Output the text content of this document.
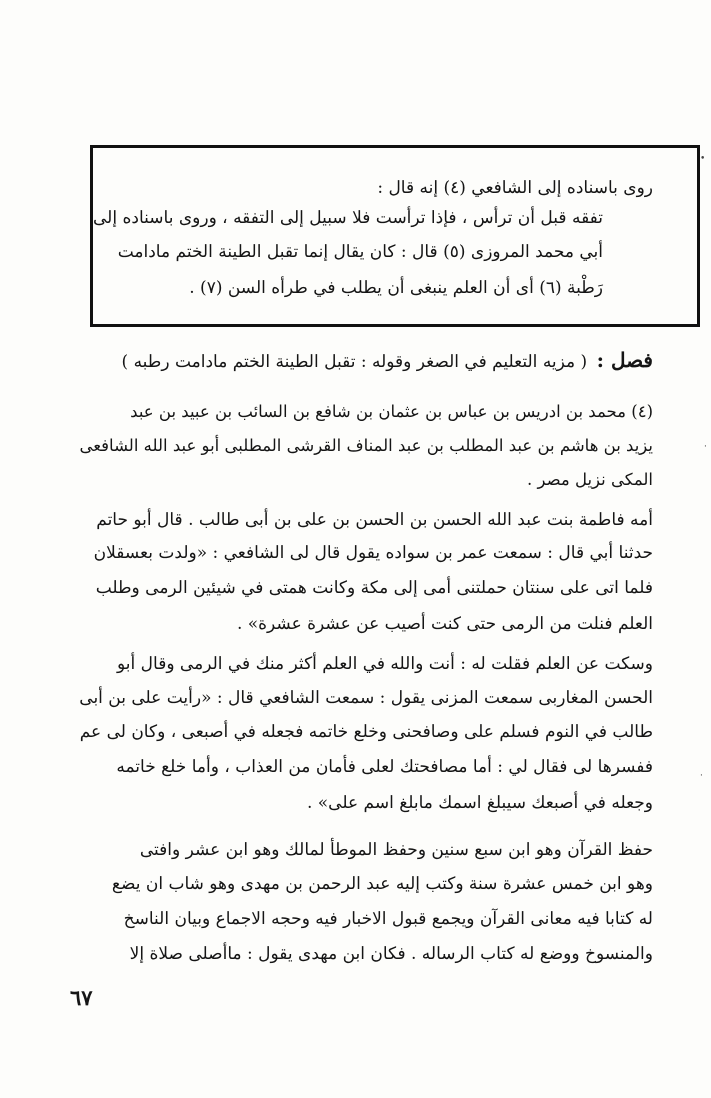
روى باسناده إلى الشافعي (٤) إنه قال :
تفقه قبل أن ترأس ، فإذا ترأست فلا سبيل إلى التفقه ، وروى باسناده إلى
أبي محمد المروزى (٥) قال : كان يقال إنما تقبل الطينة الختم مادامت
رَطْبة (٦) أى أن العلم ينبغى أن يطلب في طرأه السن (٧) .
فصل : ( مزيه التعليم في الصغر وقوله : تقبل الطينة الختم مادامت رطبه )
(٤) محمد بن ادريس بن عباس بن عثمان بن شافع بن السائب بن عبيد بن عبد
يزيد بن هاشم بن عبد المطلب بن عبد المناف القرشى المطلبى أبو عبد الله الشافعى
المكى نزيل مصر .
أمه فاطمة بنت عبد الله الحسن بن الحسن بن على بن أبى طالب . قال أبو حاتم
حدثنا أبي قال : سمعت عمر بن سواده يقول قال لى الشافعي : «ولدت بعسقلان
فلما اتى على سنتان حملتنى أمى إلى مكة وكانت همتى في شيئين الرمى وطلب
العلم فنلت من الرمى حتى كنت أصيب عن عشرة عشرة» .
وسكت عن العلم فقلت له : أنت والله في العلم أكثر منك في الرمى وقال أبو
الحسن المغاربى سمعت المزنى يقول : سمعت الشافعي قال : «رأيت على بن أبى
طالب في النوم فسلم على وصافحنى وخلع خاتمه فجعله في أصبعى ، وكان لى عم
ففسرها لى فقال لي : أما مصافحتك لعلى فأمان من العذاب ، وأما خلع خاتمه
وجعله في أصبعك سيبلغ اسمك مابلغ اسم على» .
حفظ القرآن وهو ابن سبع سنين وحفظ الموطأ لمالك وهو ابن عشر وافتى
وهو ابن خمس عشرة سنة وكتب إليه عبد الرحمن بن مهدى وهو شاب ان يضع
له كتابا فيه معانى القرآن ويجمع قبول الاخبار فيه وحجه الاجماع وبيان الناسخ
والمنسوخ ووضع له كتاب الرساله . فكان ابن مهدى يقول : ماأصلى صلاة إلا
٦٧
•
·
·
